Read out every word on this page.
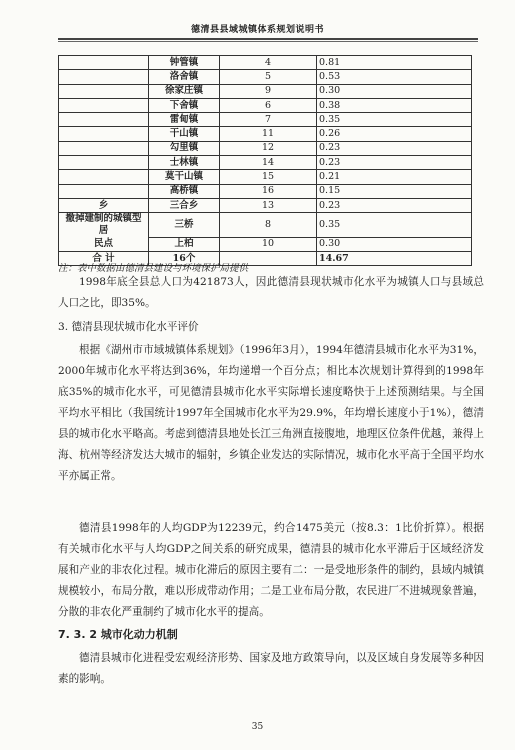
德清县县域城镇体系规划说明书
	钟管镇	4	0.81
	洛舍镇	5	0.53
	徐家庄镇	9	0.30
	下舍镇	6	0.38
	雷甸镇	7	0.35
	干山镇	11	0.26
	勾里镇	12	0.23
	士林镇	14	0.23
	莫干山镇	15	0.21
	高桥镇	16	0.15
乡	三合乡	13	0.23
撤掉建制的城镇型居	三桥	8	0.35
民点	上柏	10	0.30
合 计	16个		14.67
注：表中数据由德清县建设与环境保护局提供
1998年底全县总人口为421873人，因此德清县现状城市化水平为城镇人口与县域总人口之比，即35%。
3. 德清县现状城市化水平评价
根据《湖州市市域城镇体系规划》（1996年3月），1994年德清县城市化水平为31%，2000年城市化水平将达到36%，年均递增一个百分点；相比本次规划计算得到的1998年底35%的城市化水平，可见德清县城市化水平实际增长速度略快于上述预测结果。与全国平均水平相比（我国统计1997年全国城市化水平为29.9%，年均增长速度小于1%），德清县的城市化水平略高。考虑到德清县地处长江三角洲直接腹地，地理区位条件优越，兼得上海、杭州等经济发达大城市的辐射，乡镇企业发达的实际情况，城市化水平高于全国平均水平亦属正常。
德清县1998年的人均GDP为12239元，约合1475美元（按8.3：1比价折算）。根据有关城市化水平与人均GDP之间关系的研究成果，德清县的城市化水平滞后于区域经济发展和产业的非农化过程。城市化滞后的原因主要有二：一是受地形条件的制约，县域内城镇规模较小，布局分散，难以形成带动作用；二是工业布局分散，农民进厂不进城现象普遍，分散的非农化严重制约了城市化水平的提高。
7. 3. 2 城市化动力机制
德清县城市化进程受宏观经济形势、国家及地方政策导向，以及区域自身发展等多种因素的影响。
35
